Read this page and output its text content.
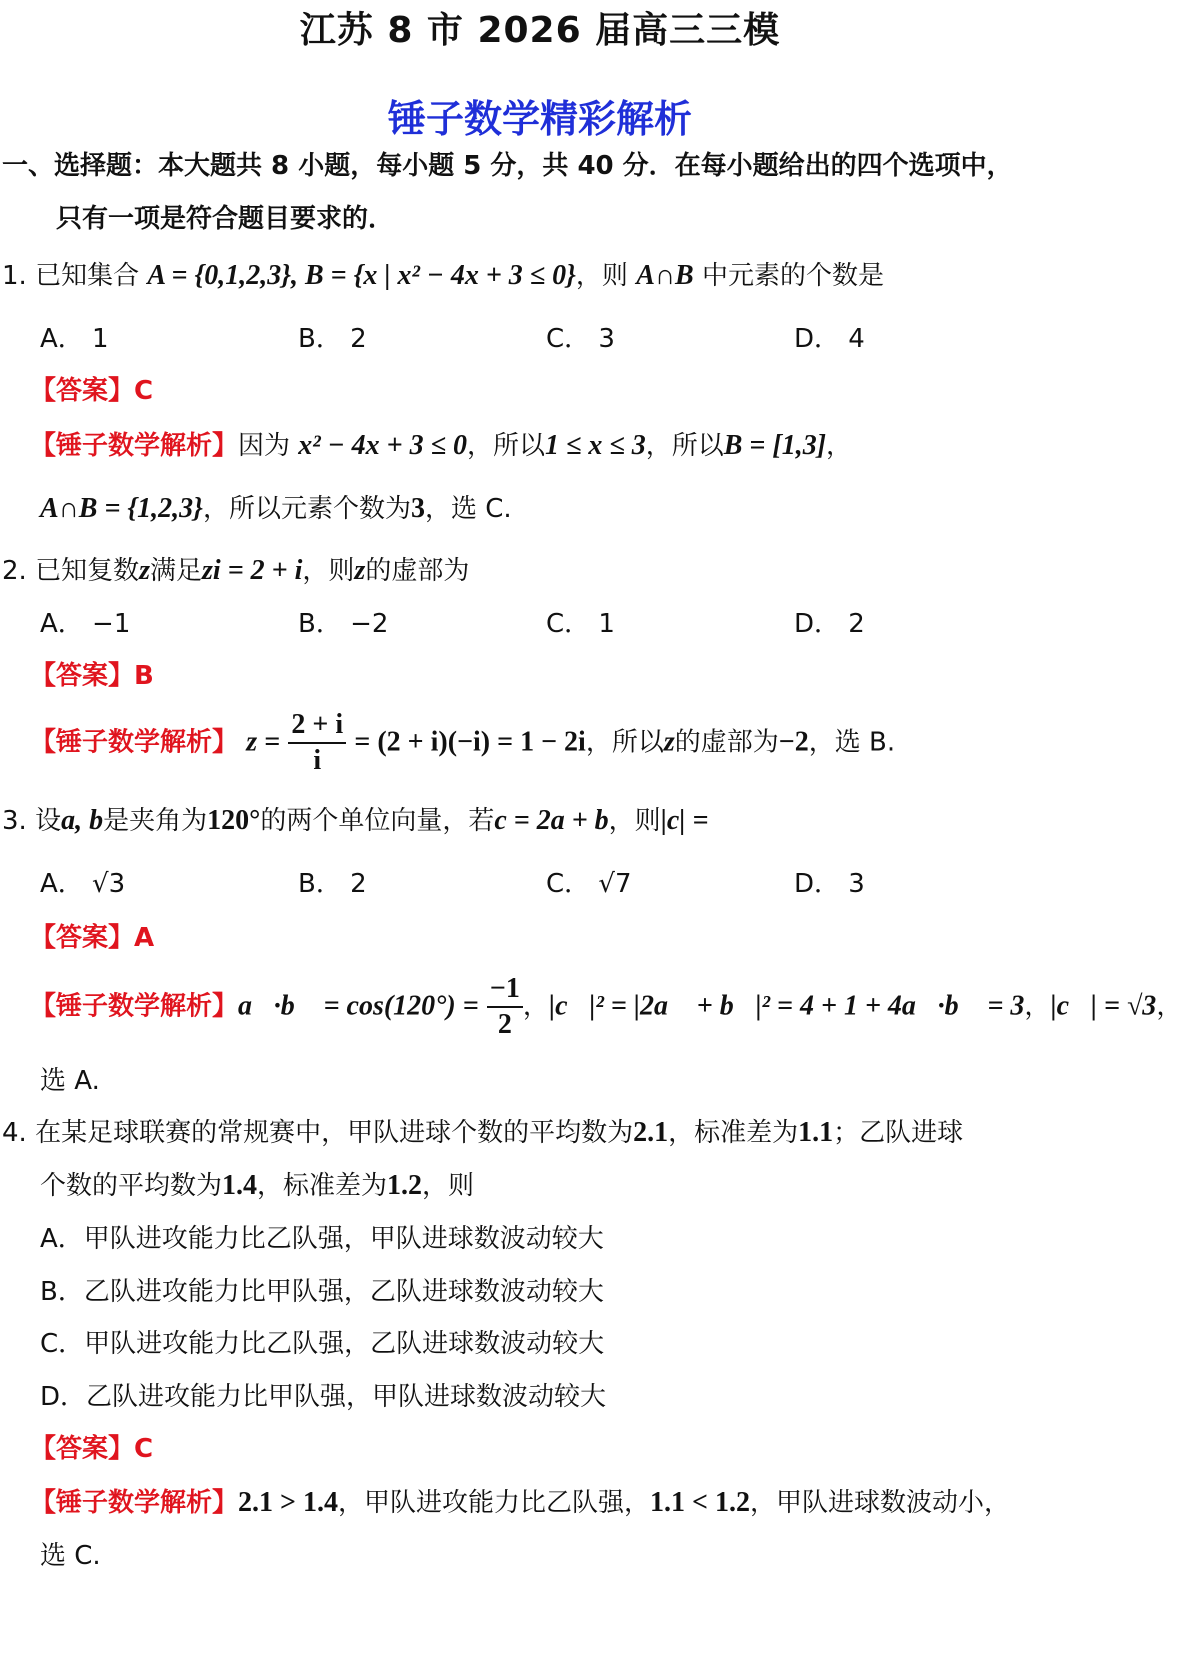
江苏 8 市 2026 届高三三模
锤子数学精彩解析
一、选择题：本大题共 8 小题，每小题 5 分，共 40 分．在每小题给出的四个选项中，
只有一项是符合题目要求的．
1. 已知集合 A = {0,1,2,3}, B = {x | x² − 4x + 3 ≤ 0}，则 A∩B 中元素的个数是
A． 1	B． 2	C． 3	D． 4
【答案】C
【锤子数学解析】因为 x² − 4x + 3 ≤ 0，所以1 ≤ x ≤ 3，所以B = [1,3]，
A∩B = {1,2,3}，所以元素个数为3，选 C.
2. 已知复数z满足zi = 2 + i，则z的虚部为
A． −1	B． −2	C． 1	D． 2
【答案】B
【锤子数学解析】 $z = \frac{2 + i}{i} = (2 + i)(-i) = 1 - 2i$，所以z的虚部为−2，选 B.
3. 设a, b是夹角为120°的两个单位向量，若c = 2a + b，则|c| =
A． √3	B． 2	C． √7	D． 3
【答案】A
【锤子数学解析】a⃗·b⃗ = $\cos(120^\circ) = \frac{-1}{2}$ ，|c⃗|² = |2a⃗ + b⃗|² = 4 + 1 + 4a⃗·b⃗ = 3，|c⃗| = √3，
选 A.
4. 在某足球联赛的常规赛中，甲队进球个数的平均数为2.1，标准差为1.1；乙队进球
个数的平均数为1.4，标准差为1.2，则
A．甲队进攻能力比乙队强，甲队进球数波动较大
B．乙队进攻能力比甲队强，乙队进球数波动较大
C．甲队进攻能力比乙队强，乙队进球数波动较大
D．乙队进攻能力比甲队强，甲队进球数波动较大
【答案】C
【锤子数学解析】2.1 > 1.4，甲队进攻能力比乙队强，1.1 < 1.2，甲队进球数波动小，
选 C.
